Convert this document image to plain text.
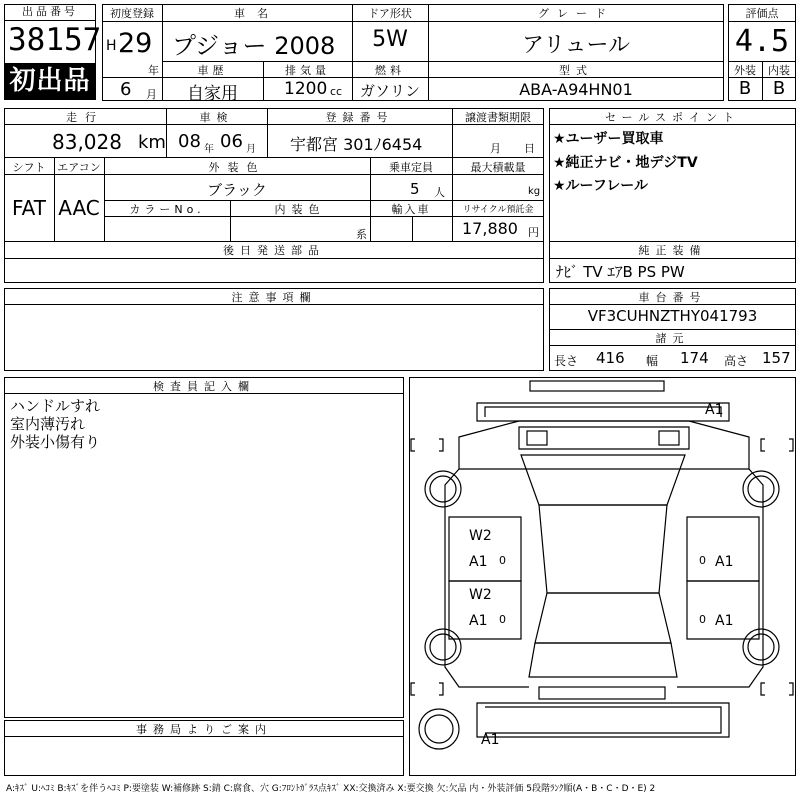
出品番号
38157
初出品
初度登録
H 29
年
6 月
車名
プジョー 2008
ドア形状
5W
グレード
アリュール
車歴
自家用
排気量
1200 cc
燃料
ガソリン
型式
ABA-A94HN01
評価点
4.5
外装	内装
B	B
走行
83,028 km
車検
08 年 06 月
登録番号
宇都宮 301ﾉ6454
譲渡書類期限
月 日
シフト
FAT
エアコン
AAC
外装色
ブラック
乗車定員
5 人
最大積載量
kg
カラーNo.	内装色
系
輸入車	リサイクル預託金
17,880 円
後日発送部品
セールスポイント
★ユーザー買取車
★純正ナビ・地デジTV
★ルーフレール
純正装備
ﾅﾋﾞ TV ｴｱB PS PW
注意事項欄	車台番号
VF3CUHNZTHY041793
諸元
長さ 416 幅 174 高さ 157
検査員記入欄
ハンドルすれ
室内薄汚れ
外装小傷有り
事務局よりご案内
A1
W2
A1 0
W2
A1 0
0 A1
0 A1
A1
A:ｷｽﾞ U:ﾍｺﾐ B:ｷｽﾞを伴うﾍｺﾐ P:要塗装 W:補修跡 S:錆 C:腐食、穴 G:ﾌﾛﾝﾄｶﾞﾗｽ点ｷｽﾞ XX:交換済み X:要交換 欠:欠品 内・外装評価 5段階ﾗﾝｸ順(A・B・C・D・E) 2
